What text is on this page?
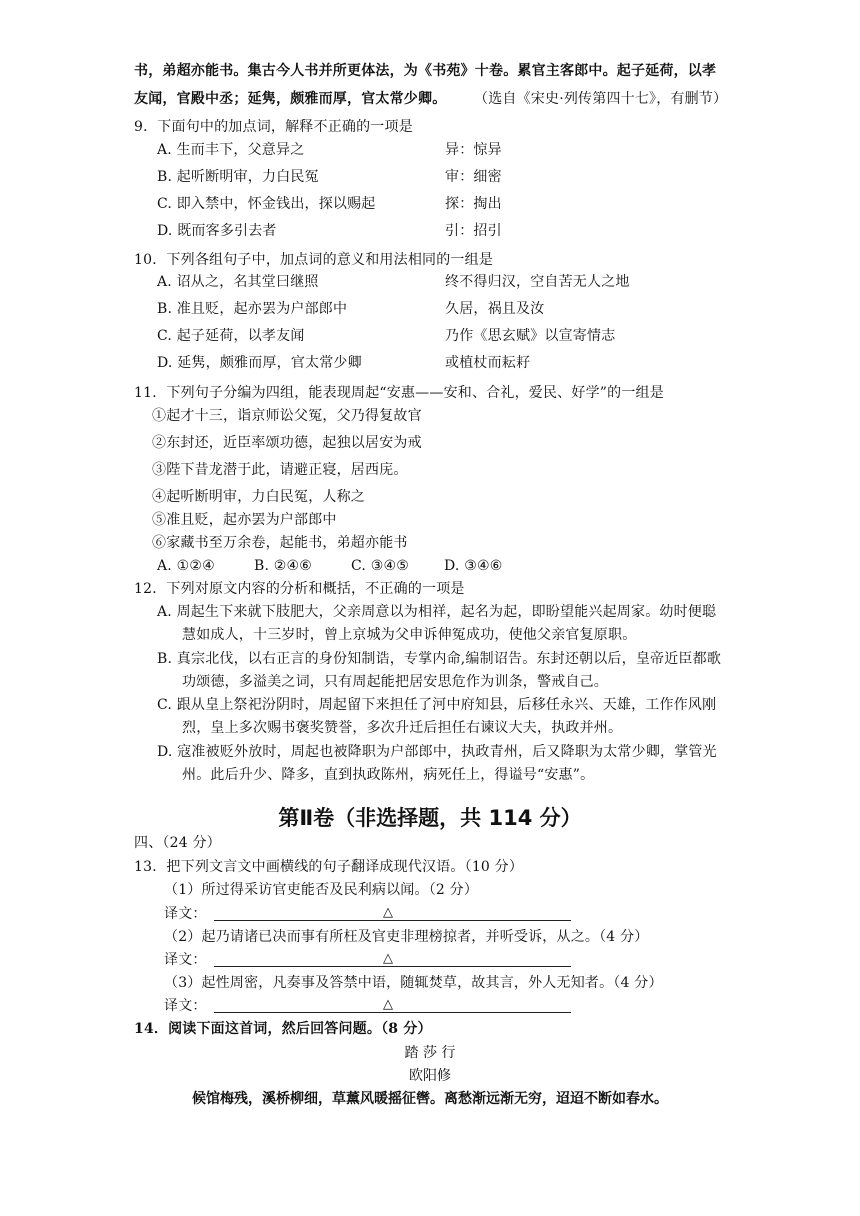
书，弟超亦能书。集古今人书并所更体法，为《书苑》十卷。累官主客郎中。起子延荷，以孝
友闻，官殿中丞；延隽，颇雅而厚，官太常少卿。 （选自《宋史·列传第四十七》，有删节）
9．下面句中的加点词，解释不正确的一项是
A. 生而丰下，父意异之	异：惊异
B. 起听断明审，力白民冤	审：细密
C. 即入禁中，怀金钱出，探以赐起	探：掏出
D. 既而客多引去者	引：招引
10．下列各组句子中，加点词的意义和用法相同的一组是
A. 诏从之，名其堂曰继照	终不得归汉，空自苦无人之地
B. 准且贬，起亦罢为户部郎中	久居，祸且及汝
C. 起子延荷，以孝友闻	乃作《思玄赋》以宣寄情志
D. 延隽，颇雅而厚，官太常少卿	或植杖而耘耔
11．下列句子分编为四组，能表现周起“安惠——安和、合礼，爱民、好学”的一组是
①起才十三，诣京师讼父冤，父乃得复故官
②东封还，近臣率颂功德，起独以居安为戒
③陛下昔龙潜于此，请避正寝，居西庑。
④起听断明审，力白民冤，人称之
⑤准且贬，起亦罢为户部郎中
⑥家藏书至万余卷，起能书，弟超亦能书
A. ①②④	B. ②④⑥	C. ③④⑤	D. ③④⑥
12．下列对原文内容的分析和概括，不正确的一项是
A. 周起生下来就下肢肥大，父亲周意以为相祥，起名为起，即盼望能兴起周家。幼时便聪
慧如成人，十三岁时，曾上京城为父申诉伸冤成功，使他父亲官复原职。
B. 真宗北伐，以右正言的身份知制诰，专掌内命,编制诏告。东封还朝以后，皇帝近臣都歌
功颂德，多溢美之词，只有周起能把居安思危作为训条，警戒自己。
C. 跟从皇上祭祀汾阴时，周起留下来担任了河中府知县，后移任永兴、天雄，工作作风刚
烈，皇上多次赐书褒奖赞誉，多次升迁后担任右谏议大夫，执政并州。
D. 寇准被贬外放时，周起也被降职为户部郎中，执政青州，后又降职为太常少卿，掌管光
州。此后升少、降多，直到执政陈州，病死任上，得谥号“安惠”。
第Ⅱ卷（非选择题，共 114 分）
四、（24 分）
13．把下列文言文中画横线的句子翻译成现代汉语。（10 分）
（1）所过得采访官吏能否及民利病以闻。（2 分）
译文：	△
（2）起乃请诸已决而事有所枉及官吏非理榜掠者，并听受诉，从之。（4 分）
译文：	△
（3）起性周密，凡奏事及答禁中语，随辄焚草，故其言，外人无知者。（4 分）
译文：	△
14．阅读下面这首词，然后回答问题。（8 分）
踏 莎 行
欧阳修
候馆梅残，溪桥柳细，草薰风暖摇征辔。离愁渐远渐无穷，迢迢不断如春水。
